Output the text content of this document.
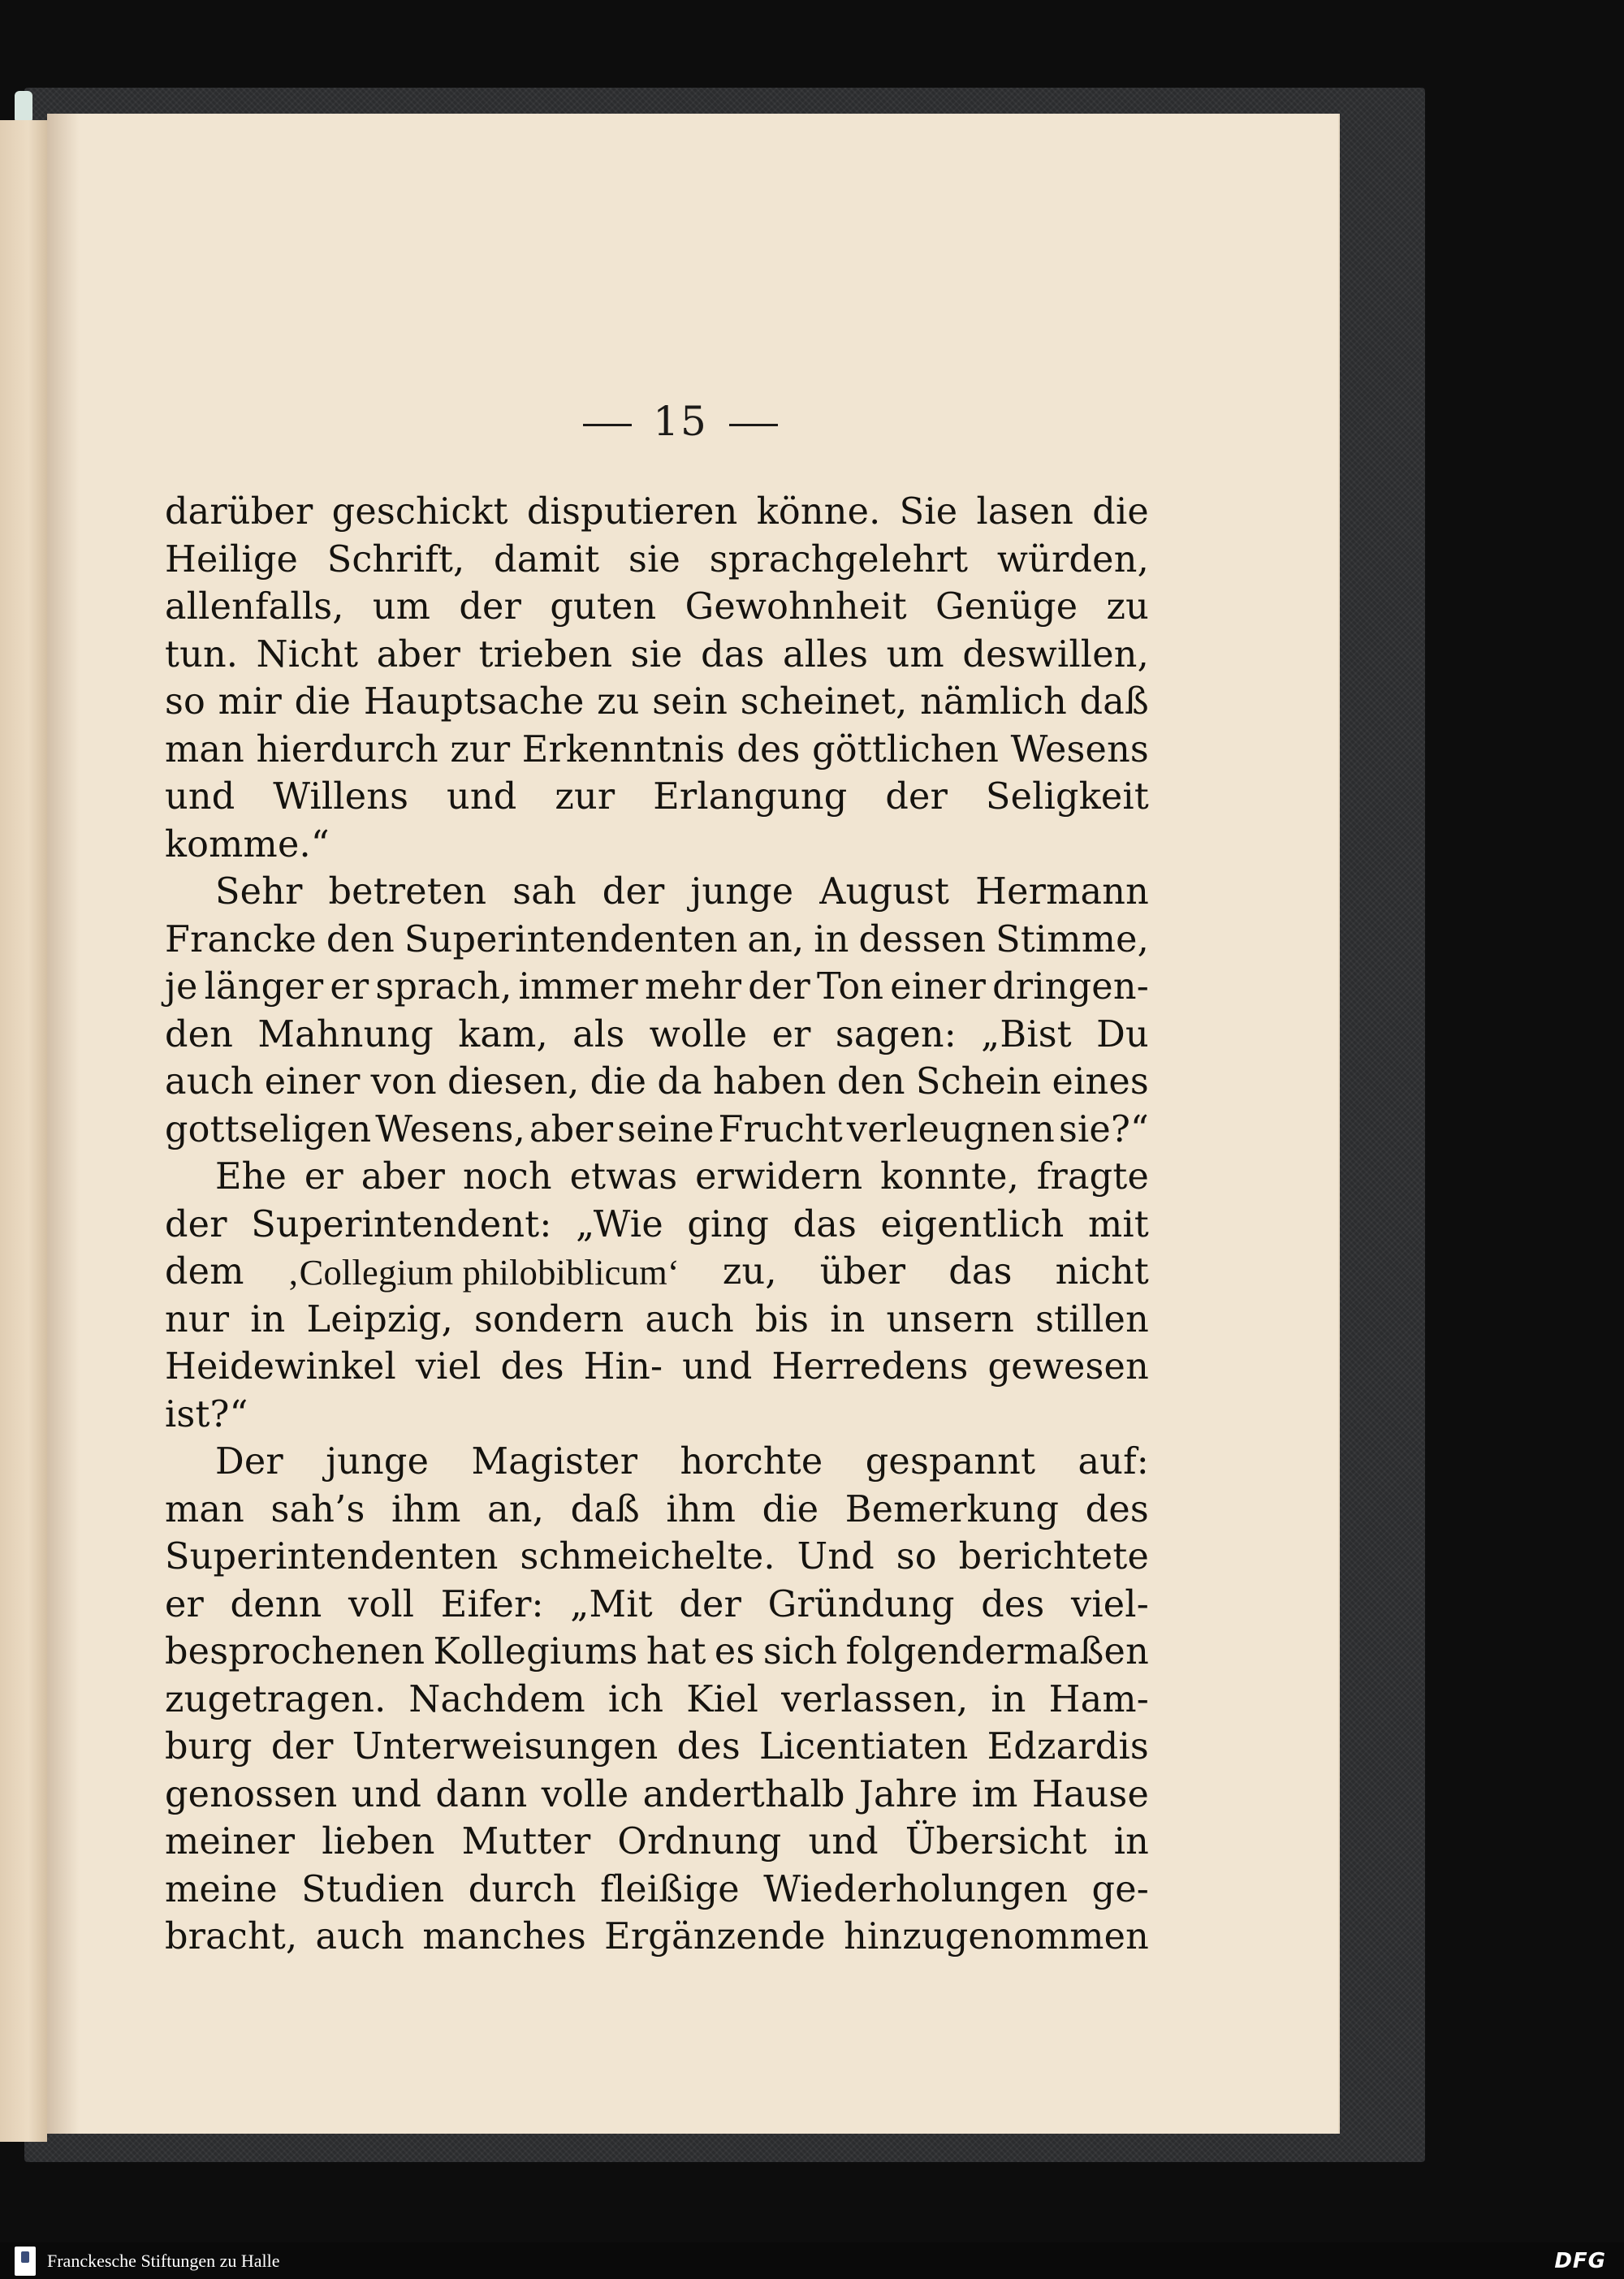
15
darüber geschickt disputieren könne. Sie lasen die
Heilige Schrift, damit sie sprachgelehrt würden,
allenfalls, um der guten Gewohnheit Genüge zu
tun. Nicht aber trieben sie das alles um deswillen,
so mir die Hauptsache zu sein scheinet, nämlich daß
man hierdurch zur Erkenntnis des göttlichen Wesens
und Willens und zur Erlangung der Seligkeit
komme.“
Sehr betreten sah der junge August Hermann
Francke den Superintendenten an, in dessen Stimme,
je länger er sprach, immer mehr der Ton einer dringen-
den Mahnung kam, als wolle er sagen: „Bist Du
auch einer von diesen, die da haben den Schein eines
gottseligen Wesens, aber seine Frucht verleugnen sie?“
Ehe er aber noch etwas erwidern konnte, fragte
der Superintendent: „Wie ging das eigentlich mit
dem ‚Collegium philobiblicum‘ zu, über das nicht
nur in Leipzig, sondern auch bis in unsern stillen
Heidewinkel viel des Hin- und Herredens gewesen
ist?“
Der junge Magister horchte gespannt auf:
man sah’s ihm an, daß ihm die Bemerkung des
Superintendenten schmeichelte. Und so berichtete
er denn voll Eifer: „Mit der Gründung des viel-
besprochenen Kollegiums hat es sich folgendermaßen
zugetragen. Nachdem ich Kiel verlassen, in Ham-
burg der Unterweisungen des Licentiaten Edzardis
genossen und dann volle anderthalb Jahre im Hause
meiner lieben Mutter Ordnung und Übersicht in
meine Studien durch fleißige Wiederholungen ge-
bracht, auch manches Ergänzende hinzugenommen
Franckesche Stiftungen zu Halle	DFG
